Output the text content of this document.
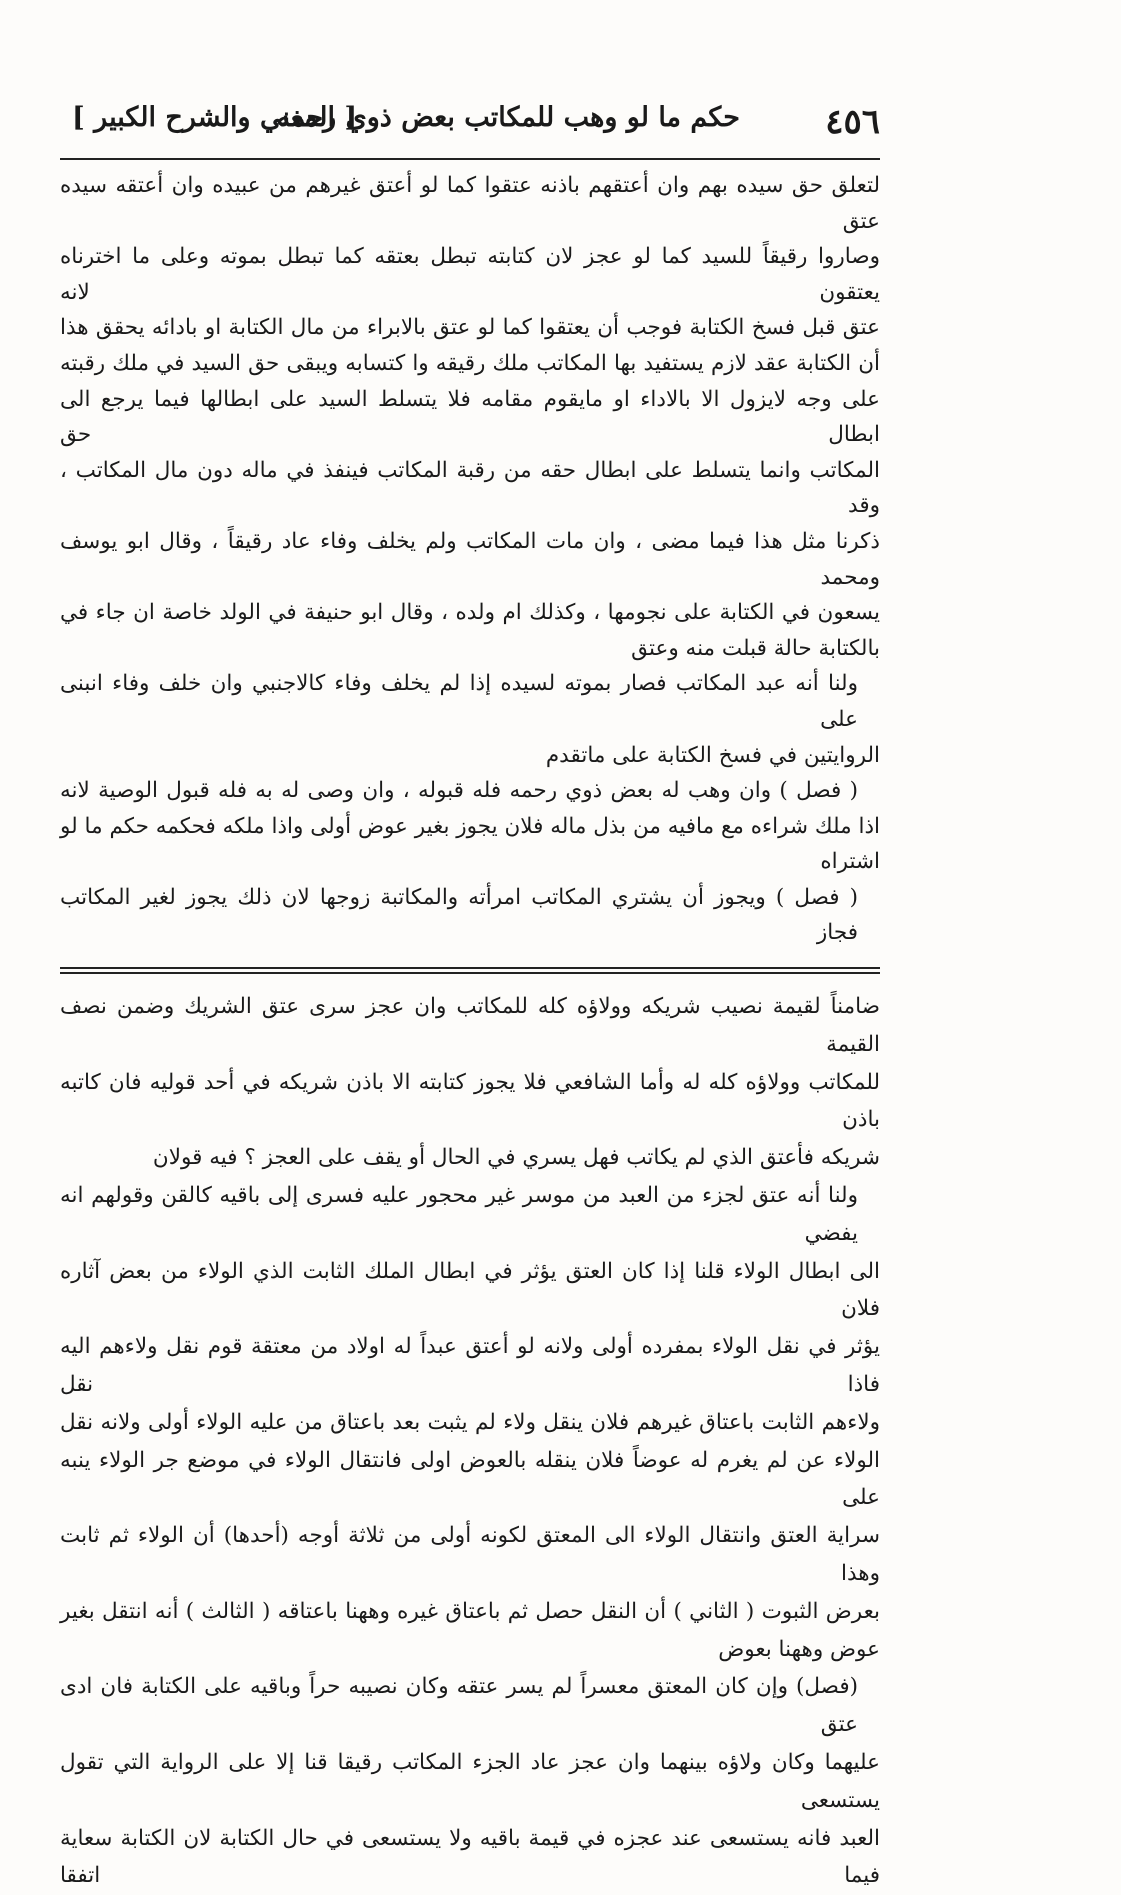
٤٥٦
حكم ما لو وهب للمكاتب بعض ذوي رحمه
[ المغني والشرح الكبير ]

لتعلق حق سيده بهم وان أعتقهم باذنه عتقوا كما لو أعتق غيرهم من عبيده وان أعتقه سيده عتق

وصاروا رقيقاً للسيد كما لو عجز لان كتابته تبطل بعتقه كما تبطل بموته وعلى ما اخترناه يعتقون لانه

عتق قبل فسخ الكتابة فوجب أن يعتقوا كما لو عتق بالابراء من مال الكتابة او بادائه يحقق هذا

أن الكتابة عقد لازم يستفيد بها المكاتب ملك رقيقه وا كتسابه ويبقى حق السيد في ملك رقبته

على وجه لايزول الا بالاداء او مايقوم مقامه فلا يتسلط السيد على ابطالها فيما يرجع الى ابطال حق

المكاتب وانما يتسلط على ابطال حقه من رقبة المكاتب فينفذ في ماله دون مال المكاتب ، وقد

ذكرنا مثل هذا فيما مضى ، وان مات المكاتب ولم يخلف وفاء عاد رقيقاً ، وقال ابو يوسف ومحمد

يسعون في الكتابة على نجومها ، وكذلك ام ولده ، وقال ابو حنيفة في الولد خاصة ان جاء في

بالكتابة حالة قبلت منه وعتق

ولنا أنه عبد المكاتب فصار بموته لسيده إذا لم يخلف وفاء كالاجنبي وان خلف وفاء انبنى على

الروايتين في فسخ الكتابة على ماتقدم

( فصل ) وان وهب له بعض ذوي رحمه فله قبوله ، وان وصى له به فله قبول الوصية لانه

اذا ملك شراءه مع مافيه من بذل ماله فلان يجوز بغير عوض أولى واذا ملكه فحكمه حكم ما لو اشتراه

( فصل ) ويجوز أن يشتري المكاتب امرأته والمكاتبة زوجها لان ذلك يجوز لغير المكاتب فجاز

ضامناً لقيمة نصيب شريكه وولاؤه كله للمكاتب وان عجز سرى عتق الشريك وضمن نصف القيمة

للمكاتب وولاؤه كله له وأما الشافعي فلا يجوز كتابته الا باذن شريكه في أحد قوليه فان كاتبه باذن

شريكه فأعتق الذي لم يكاتب فهل يسري في الحال أو يقف على العجز ؟ فيه قولان

ولنا أنه عتق لجزء من العبد من موسر غير محجور عليه فسرى إلى باقيه كالقن وقولهم انه يفضي

الى ابطال الولاء قلنا إذا كان العتق يؤثر في ابطال الملك الثابت الذي الولاء من بعض آثاره فلان

يؤثر في نقل الولاء بمفرده أولى ولانه لو أعتق عبداً له اولاد من معتقة قوم نقل ولاءهم اليه فاذا نقل

ولاءهم الثابت باعتاق غيرهم فلان ينقل ولاء لم يثبت بعد باعتاق من عليه الولاء أولى ولانه نقل

الولاء عن لم يغرم له عوضاً فلان ينقله بالعوض اولى فانتقال الولاء في موضع جر الولاء ينبه على

سراية العتق وانتقال الولاء الى المعتق لكونه أولى من ثلاثة أوجه (أحدها) أن الولاء ثم ثابت وهذا

بعرض الثبوت ( الثاني ) أن النقل حصل ثم باعتاق غيره وههنا باعتاقه ( الثالث ) أنه انتقل بغير

عوض وههنا بعوض

(فصل) وإن كان المعتق معسراً لم يسر عتقه وكان نصيبه حراً وباقيه على الكتابة فان ادى عتق

عليهما وكان ولاؤه بينهما وان عجز عاد الجزء المكاتب رقيقا قنا إلا على الرواية التي تقول يستسعى

العبد فانه يستسعى عند عجزه في قيمة باقيه ولا يستسعى في حال الكتابة لان الكتابة سعاية فيما اتفقا
